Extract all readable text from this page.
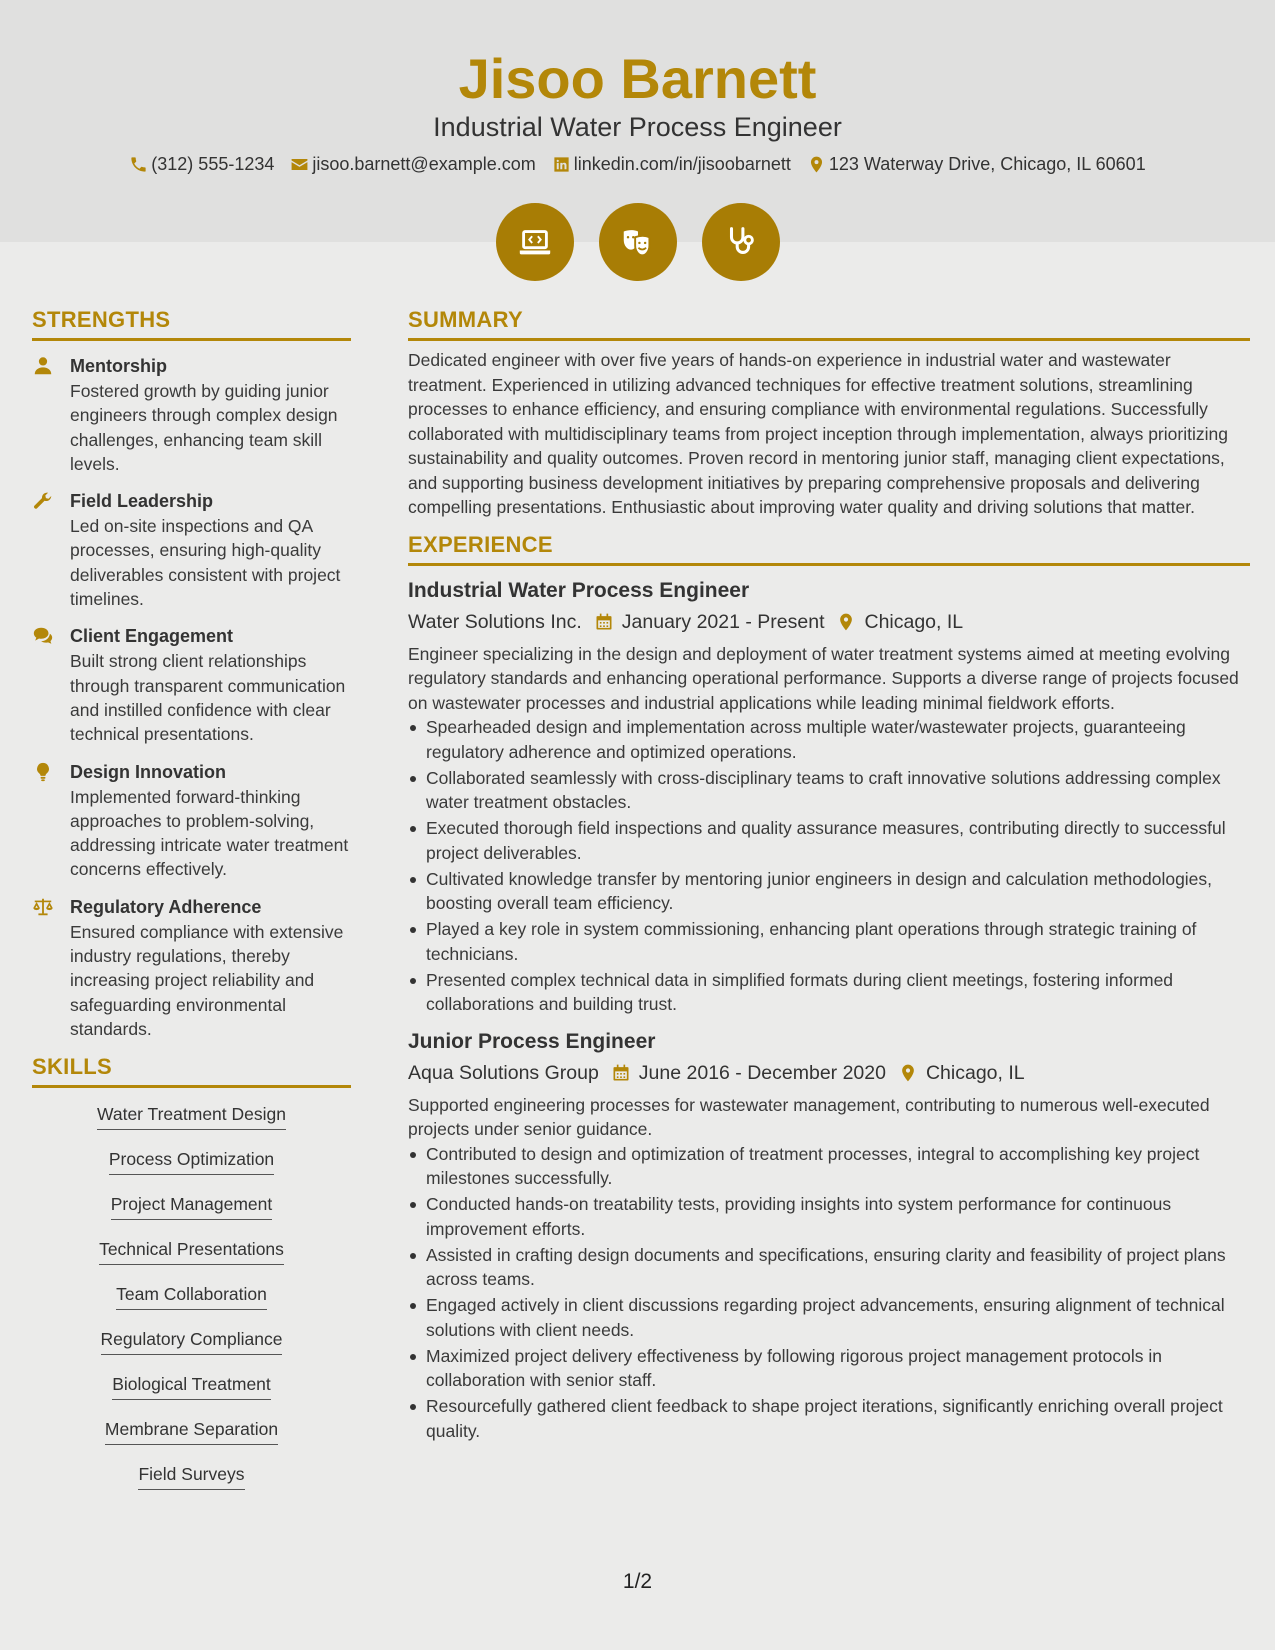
Jisoo Barnett
Industrial Water Process Engineer
(312) 555-1234 jisoo.barnett@example.com linkedin.com/in/jisoobarnett 123 Waterway Drive, Chicago, IL 60601
STRENGTHS
Mentorship
Fostered growth by guiding junior engineers through complex design challenges, enhancing team skill levels.
Field Leadership
Led on-site inspections and QA processes, ensuring high-quality deliverables consistent with project timelines.
Client Engagement
Built strong client relationships through transparent communication and instilled confidence with clear technical presentations.
Design Innovation
Implemented forward-thinking approaches to problem-solving, addressing intricate water treatment concerns effectively.
Regulatory Adherence
Ensured compliance with extensive industry regulations, thereby increasing project reliability and safeguarding environmental standards.
SKILLS
Water Treatment Design
Process Optimization
Project Management
Technical Presentations
Team Collaboration
Regulatory Compliance
Biological Treatment
Membrane Separation
Field Surveys
SUMMARY
Dedicated engineer with over five years of hands-on experience in industrial water and wastewater treatment. Experienced in utilizing advanced techniques for effective treatment solutions, streamlining processes to enhance efficiency, and ensuring compliance with environmental regulations. Successfully collaborated with multidisciplinary teams from project inception through implementation, always prioritizing sustainability and quality outcomes. Proven record in mentoring junior staff, managing client expectations, and supporting business development initiatives by preparing comprehensive proposals and delivering compelling presentations. Enthusiastic about improving water quality and driving solutions that matter.
EXPERIENCE
Industrial Water Process Engineer
Water Solutions Inc. January 2021 - Present Chicago, IL
Engineer specializing in the design and deployment of water treatment systems aimed at meeting evolving regulatory standards and enhancing operational performance. Supports a diverse range of projects focused on wastewater processes and industrial applications while leading minimal fieldwork efforts.
Spearheaded design and implementation across multiple water/wastewater projects, guaranteeing regulatory adherence and optimized operations.
Collaborated seamlessly with cross-disciplinary teams to craft innovative solutions addressing complex water treatment obstacles.
Executed thorough field inspections and quality assurance measures, contributing directly to successful project deliverables.
Cultivated knowledge transfer by mentoring junior engineers in design and calculation methodologies, boosting overall team efficiency.
Played a key role in system commissioning, enhancing plant operations through strategic training of technicians.
Presented complex technical data in simplified formats during client meetings, fostering informed collaborations and building trust.
Junior Process Engineer
Aqua Solutions Group June 2016 - December 2020 Chicago, IL
Supported engineering processes for wastewater management, contributing to numerous well-executed projects under senior guidance.
Contributed to design and optimization of treatment processes, integral to accomplishing key project milestones successfully.
Conducted hands-on treatability tests, providing insights into system performance for continuous improvement efforts.
Assisted in crafting design documents and specifications, ensuring clarity and feasibility of project plans across teams.
Engaged actively in client discussions regarding project advancements, ensuring alignment of technical solutions with client needs.
Maximized project delivery effectiveness by following rigorous project management protocols in collaboration with senior staff.
Resourcefully gathered client feedback to shape project iterations, significantly enriching overall project quality.
1/2
